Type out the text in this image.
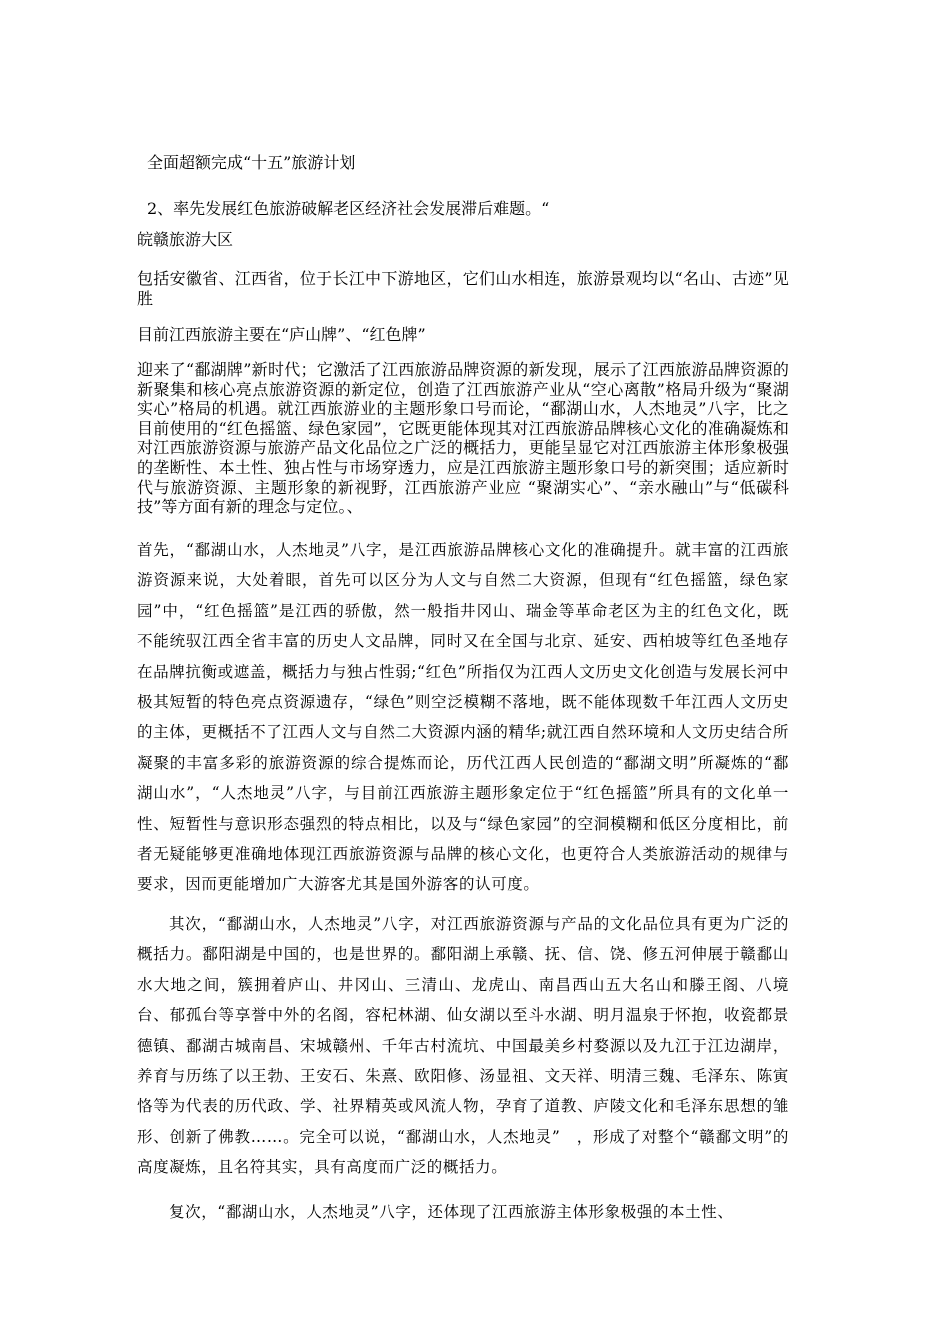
全面超额完成“十五”旅游计划

2、率先发展红色旅游破解老区经济社会发展滞后难题。“

皖赣旅游大区

包括安徽省、江西省，位于长江中下游地区，它们山水相连，旅游景观均以“名山、古迹”见胜

目前江西旅游主要在“庐山牌”、“红色牌”

迎来了“鄱湖牌”新时代；它激活了江西旅游品牌资源的新发现，展示了江西旅游品牌资源的新聚集和核心亮点旅游资源的新定位，创造了江西旅游产业从“空心离散”格局升级为“聚湖实心”格局的机遇。就江西旅游业的主题形象口号而论，“鄱湖山水，人杰地灵”八字，比之目前使用的“红色摇篮、绿色家园”，它既更能体现其对江西旅游品牌核心文化的准确凝炼和对江西旅游资源与旅游产品文化品位之广泛的概括力，更能呈显它对江西旅游主体形象极强的垄断性、本土性、独占性与市场穿透力，应是江西旅游主题形象口号的新突围；适应新时代与旅游资源、主题形象的新视野，江西旅游产业应 “聚湖实心”、“亲水融山”与“低碳科技”等方面有新的理念与定位。、

首先，“鄱湖山水，人杰地灵”八字，是江西旅游品牌核心文化的准确提升。就丰富的江西旅游资源来说，大处着眼，首先可以区分为人文与自然二大资源，但现有“红色摇篮，绿色家园”中，“红色摇篮”是江西的骄傲，然一般指井冈山、瑞金等革命老区为主的红色文化，既不能统驭江西全省丰富的历史人文品牌，同时又在全国与北京、延安、西柏坡等红色圣地存在品牌抗衡或遮盖，概括力与独占性弱;“红色”所指仅为江西人文历史文化创造与发展长河中极其短暂的特色亮点资源遗存，“绿色”则空泛模糊不落地，既不能体现数千年江西人文历史的主体，更概括不了江西人文与自然二大资源内涵的精华;就江西自然环境和人文历史结合所凝聚的丰富多彩的旅游资源的综合提炼而论，历代江西人民创造的“鄱湖文明”所凝炼的“鄱湖山水”，“人杰地灵”八字，与目前江西旅游主题形象定位于“红色摇篮”所具有的文化单一性、短暂性与意识形态强烈的特点相比，以及与“绿色家园”的空洞模糊和低区分度相比，前者无疑能够更准确地体现江西旅游资源与品牌的核心文化，也更符合人类旅游活动的规律与要求，因而更能增加广大游客尤其是国外游客的认可度。

其次，“鄱湖山水，人杰地灵”八字，对江西旅游资源与产品的文化品位具有更为广泛的概括力。鄱阳湖是中国的，也是世界的。鄱阳湖上承赣、抚、信、饶、修五河伸展于赣鄱山水大地之间，簇拥着庐山、井冈山、三清山、龙虎山、南昌西山五大名山和滕王阁、八境台、郁孤台等享誉中外的名阁，容杞林湖、仙女湖以至斗水湖、明月温泉于怀抱，收瓷都景德镇、鄱湖古城南昌、宋城赣州、千年古村流坑、中国最美乡村婺源以及九江于江边湖岸，养育与历练了以王勃、王安石、朱熹、欧阳修、汤显祖、文天祥、明清三魏、毛泽东、陈寅恪等为代表的历代政、学、社界精英或风流人物，孕育了道教、庐陵文化和毛泽东思想的雏形、创新了佛教……。完全可以说，“鄱湖山水，人杰地灵”　，形成了对整个“赣鄱文明”的高度凝炼，且名符其实，具有高度而广泛的概括力。

复次，“鄱湖山水，人杰地灵”八字，还体现了江西旅游主体形象极强的本土性、
